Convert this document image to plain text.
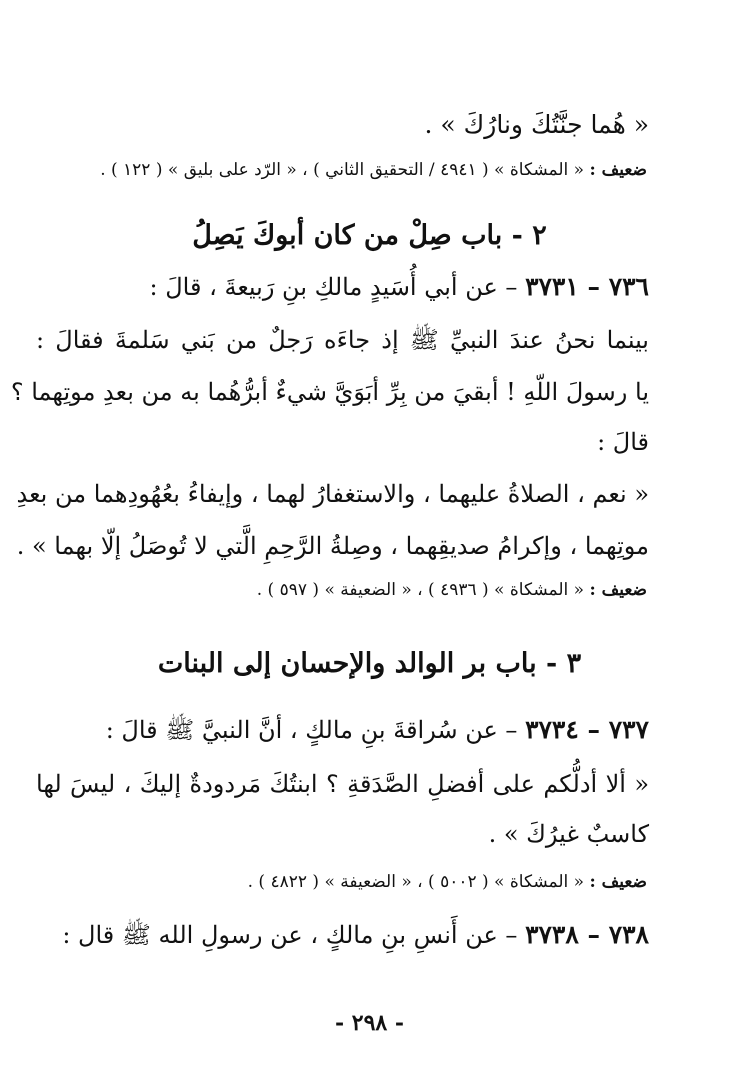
« هُما جنَّتُكَ ونارُكَ » .
ضعيف : « المشكاة » ( ٤٩٤١ / التحقيق الثاني ) ، « الرّد على بليق » ( ١٢٢ ) .
٢ - باب صِلْ من كان أبوكَ يَصِلُ
٧٣٦ – ٣٧٣١ – عن أبي أُسَيدٍ مالكِ بنِ رَبيعةَ ، قالَ :
بينما نحنُ عندَ النبيِّ ﷺ إذ جاءَه رَجلٌ من بَني سَلمةَ فقالَ :
يا رسولَ اللّهِ ! أبقيَ من بِرِّ أبَوَيَّ شيءٌ أبرُّهُما به من بعدِ موتِهما ؟
قالَ :
« نعم ، الصلاةُ عليهما ، والاستغفارُ لهما ، وإيفاءُ بعُهُودِهما من بعدِ
موتِهما ، وإكرامُ صديقِهما ، وصِلةُ الرَّحِمِ الَّتي لا تُوصَلُ إلّا بهما » .
ضعيف : « المشكاة » ( ٤٩٣٦ ) ، « الضعيفة » ( ٥٩٧ ) .
٣ - باب بر الوالد والإحسان إلى البنات
٧٣٧ – ٣٧٣٤ – عن سُراقةَ بنِ مالكٍ ، أنَّ النبيَّ ﷺ قالَ :
« ألا أدلُّكم على أفضلِ الصَّدَقةِ ؟ ابنتُكَ مَردودةٌ إليكَ ، ليسَ لها
كاسبٌ غيرُكَ » .
ضعيف : « المشكاة » ( ٥٠٠٢ ) ، « الضعيفة » ( ٤٨٢٢ ) .
٧٣٨ – ٣٧٣٨ – عن أَنسِ بنِ مالكٍ ، عن رسولِ الله ﷺ قال :
- ٢٩٨ -
